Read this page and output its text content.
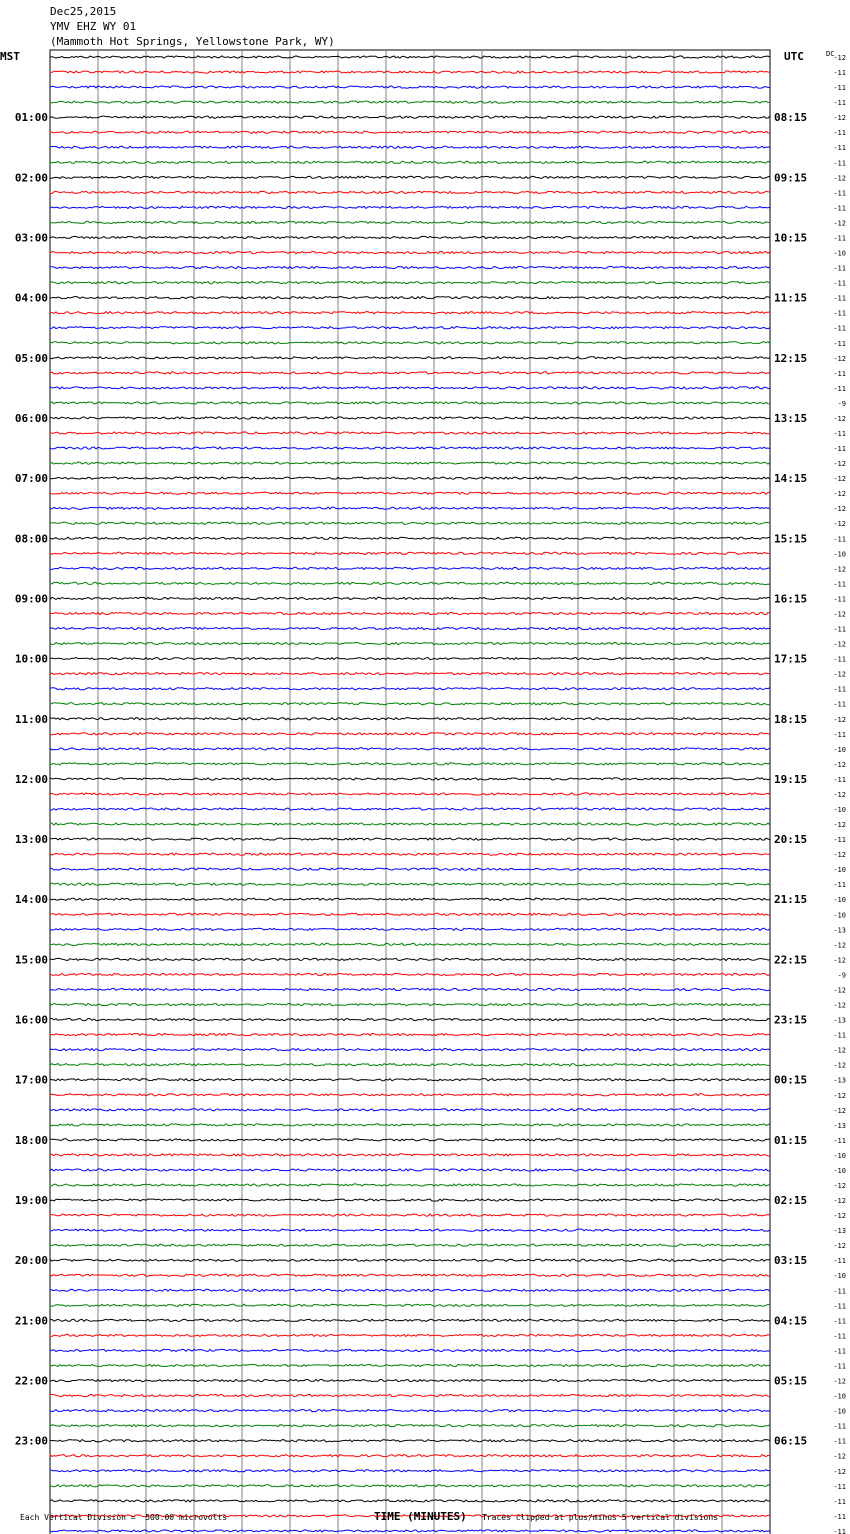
Dec25,2015
YMV EHZ WY 01
(Mammoth Hot Springs, Yellowstone Park, WY)
MST	UTC	-12
-11
-11
-11
-12
-11
-11
-11
-12
-11
-11
-12
-11
-10
-11
-11
-11
-11
-11
-11
-12
-11
-11
-9
-12
-11
-11
-12
-12
-12
-12
-12
-11
-10
-12
-11
-11
-12
-11
-12
-11
-12
-11
-11
-12
-11
-10
-12
-11
-12
-10
-12
-11
-12
-10
-11
-10
-10
-13
-12
-12
-9
-12
-12
-13
-11
-12
-12
-13
-12
-12
-13
-11
-10
-10
-12
-12
-12
-13
-12
-11
-10
-11
-11
-11
-11
-11
-11
-12
-10
-10
-11
-11
-12
-12
-11
-11
-11
-11
DC
01:00
02:00
03:00
04:00
05:00
06:00
07:00
08:00
09:00
10:00
11:00
12:00
13:00
14:00
15:00
16:00
17:00
18:00
19:00
20:00
21:00
22:00
23:00
08:15
09:15
10:15
11:15
12:15
13:15
14:15
15:15
16:15
17:15
18:15
19:15
20:15
21:15
22:15
23:15
00:15
01:15
02:15
03:15
04:15
05:15
06:15
Each Vertical Division =  500.00 microvolts	TIME (MINUTES) Traces clipped at plus/minus 5 vertical divisions
